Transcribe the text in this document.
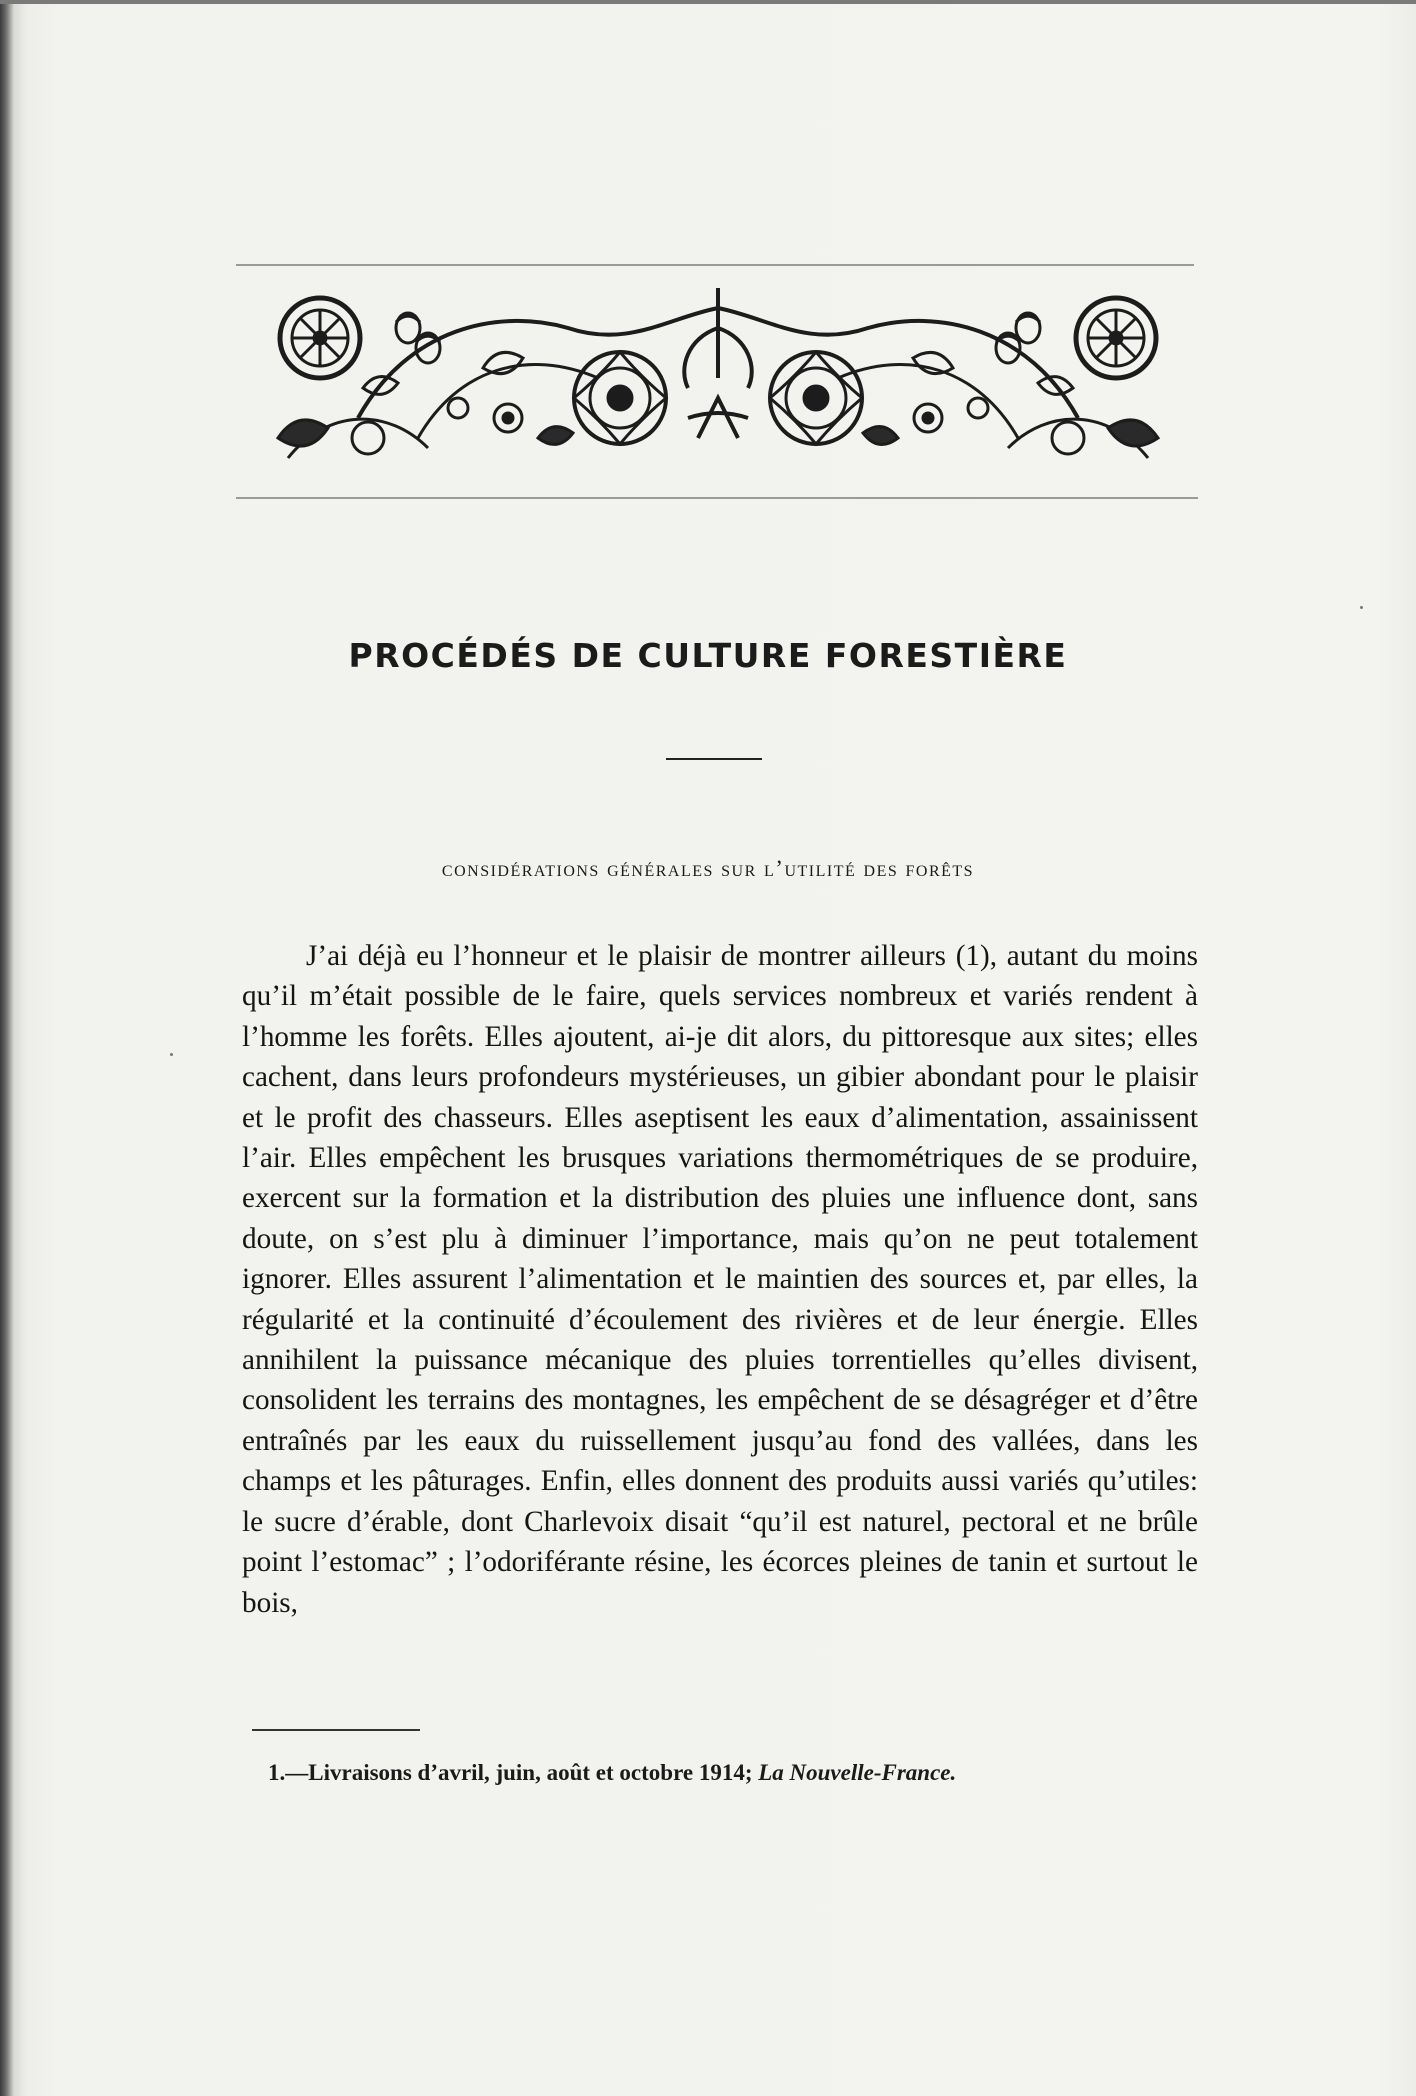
PROCÉDÉS DE CULTURE FORESTIÈRE
considérations générales sur l’utilité des forêts

J’ai déjà eu l’honneur et le plaisir de montrer ailleurs (1), autant du moins qu’il m’était possible de le faire, quels services nombreux et variés rendent à l’homme les forêts. Elles ajoutent, ai-je dit alors, du pittoresque aux sites; elles cachent, dans leurs profondeurs mystérieuses, un gibier abondant pour le plaisir et le profit des chasseurs. Elles aseptisent les eaux d’alimentation, assainissent l’air. Elles empêchent les brusques variations thermométriques de se produire, exercent sur la formation et la distribution des pluies une influence dont, sans doute, on s’est plu à diminuer l’importance, mais qu’on ne peut totalement ignorer. Elles assurent l’alimentation et le maintien des sources et, par elles, la régularité et la continuité d’écoulement des rivières et de leur énergie. Elles annihilent la puissance mécanique des pluies torrentielles qu’elles divisent, consolident les terrains des montagnes, les empêchent de se désagréger et d’être entraînés par les eaux du ruissellement jusqu’au fond des vallées, dans les champs et les pâturages. Enfin, elles donnent des produits aussi variés qu’utiles: le sucre d’érable, dont Charlevoix disait “qu’il est naturel, pectoral et ne brûle point l’estomac” ; l’odoriférante résine, les écorces pleines de tanin et surtout le bois,

1.—Livraisons d’avril, juin, août et octobre 1914; La Nouvelle-France.
